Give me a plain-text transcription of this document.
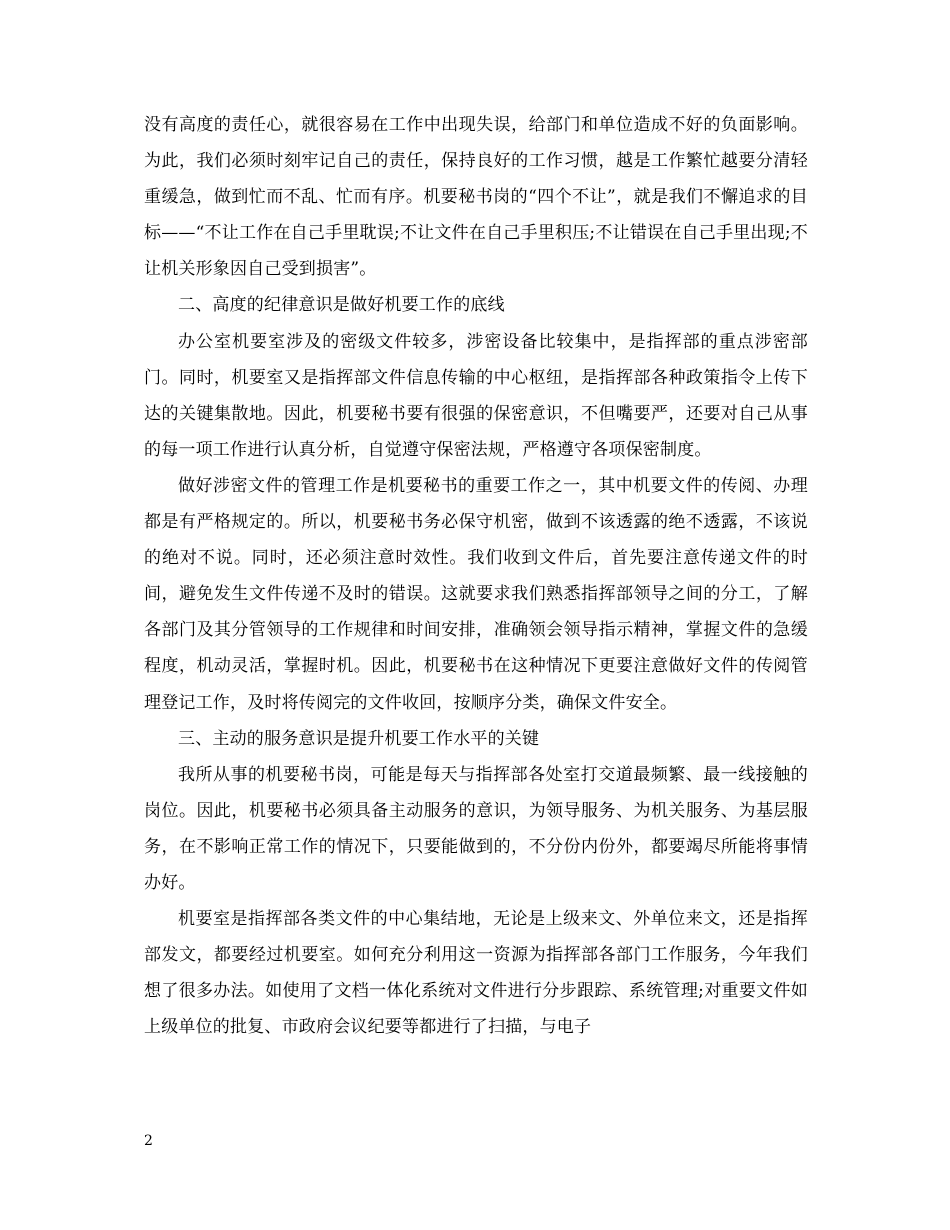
没有高度的责任心，就很容易在工作中出现失误，给部门和单位造成不好的负面影响。为此，我们必须时刻牢记自己的责任，保持良好的工作习惯，越是工作繁忙越要分清轻重缓急，做到忙而不乱、忙而有序。机要秘书岗的“四个不让”，就是我们不懈追求的目标——“不让工作在自己手里耽误;不让文件在自己手里积压;不让错误在自己手里出现;不让机关形象因自己受到损害”。

二、高度的纪律意识是做好机要工作的底线

办公室机要室涉及的密级文件较多，涉密设备比较集中，是指挥部的重点涉密部门。同时，机要室又是指挥部文件信息传输的中心枢纽，是指挥部各种政策指令上传下达的关键集散地。因此，机要秘书要有很强的保密意识，不但嘴要严，还要对自己从事的每一项工作进行认真分析，自觉遵守保密法规，严格遵守各项保密制度。

做好涉密文件的管理工作是机要秘书的重要工作之一，其中机要文件的传阅、办理都是有严格规定的。所以，机要秘书务必保守机密，做到不该透露的绝不透露，不该说的绝对不说。同时，还必须注意时效性。我们收到文件后，首先要注意传递文件的时间，避免发生文件传递不及时的错误。这就要求我们熟悉指挥部领导之间的分工，了解各部门及其分管领导的工作规律和时间安排，准确领会领导指示精神，掌握文件的急缓程度，机动灵活，掌握时机。因此，机要秘书在这种情况下更要注意做好文件的传阅管理登记工作，及时将传阅完的文件收回，按顺序分类，确保文件安全。

三、主动的服务意识是提升机要工作水平的关键

我所从事的机要秘书岗，可能是每天与指挥部各处室打交道最频繁、最一线接触的岗位。因此，机要秘书必须具备主动服务的意识，为领导服务、为机关服务、为基层服务，在不影响正常工作的情况下，只要能做到的，不分份内份外，都要竭尽所能将事情办好。

机要室是指挥部各类文件的中心集结地，无论是上级来文、外单位来文，还是指挥部发文，都要经过机要室。如何充分利用这一资源为指挥部各部门工作服务，今年我们想了很多办法。如使用了文档一体化系统对文件进行分步跟踪、系统管理;对重要文件如上级单位的批复、市政府会议纪要等都进行了扫描，与电子

2
